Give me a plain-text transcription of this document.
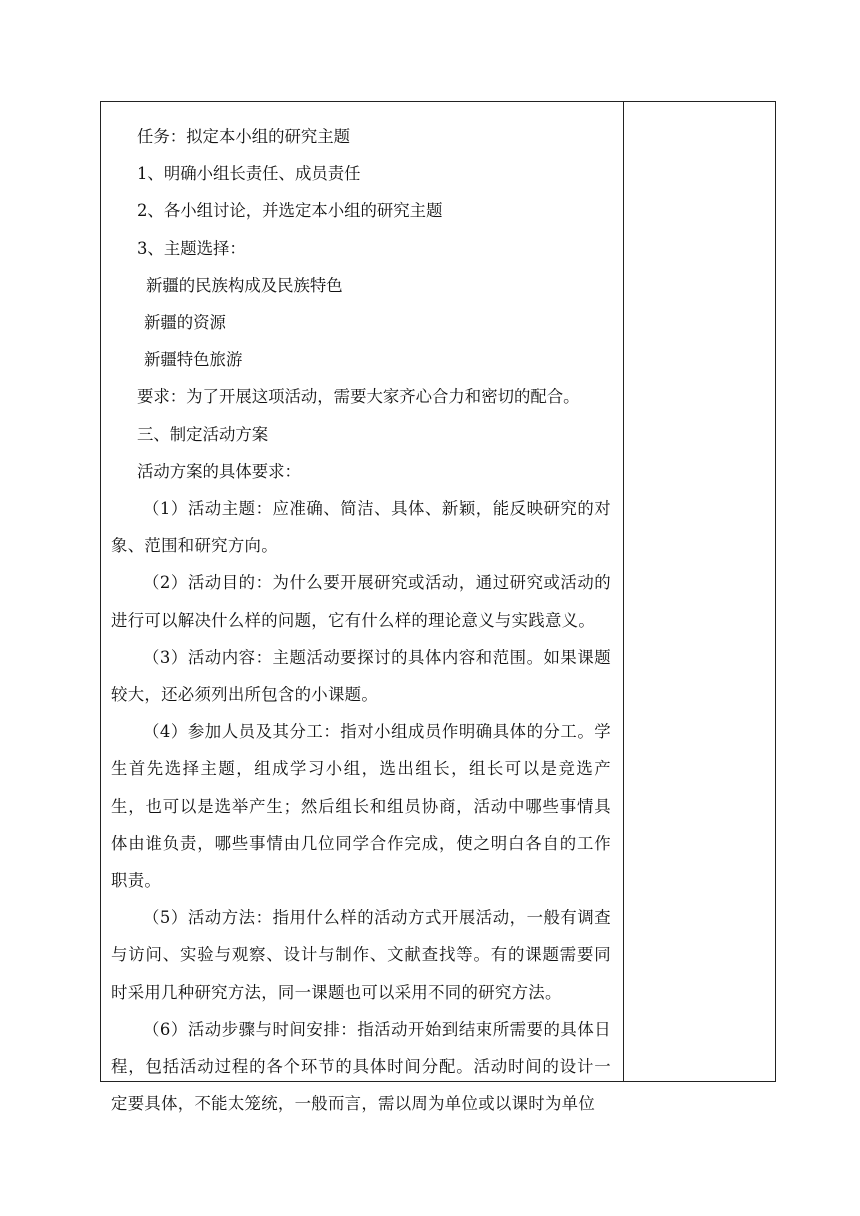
任务：拟定本小组的研究主题

1、明确小组长责任、成员责任

2、各小组讨论，并选定本小组的研究主题

3、主题选择：

新疆的民族构成及民族特色

新疆的资源

新疆特色旅游

要求：为了开展这项活动，需要大家齐心合力和密切的配合。

三、制定活动方案

活动方案的具体要求：

（1）活动主题：应准确、简洁、具体、新颖，能反映研究的对象、范围和研究方向。

（2）活动目的：为什么要开展研究或活动，通过研究或活动的进行可以解决什么样的问题，它有什么样的理论意义与实践意义。

（3）活动内容：主题活动要探讨的具体内容和范围。如果课题较大，还必须列出所包含的小课题。

（4）参加人员及其分工：指对小组成员作明确具体的分工。学生首先选择主题，组成学习小组，选出组长，组长可以是竞选产生，也可以是选举产生；然后组长和组员协商，活动中哪些事情具体由谁负责，哪些事情由几位同学合作完成，使之明白各自的工作职责。

（5）活动方法：指用什么样的活动方式开展活动，一般有调查与访问、实验与观察、设计与制作、文献查找等。有的课题需要同时采用几种研究方法，同一课题也可以采用不同的研究方法。

（6）活动步骤与时间安排：指活动开始到结束所需要的具体日程，包括活动过程的各个环节的具体时间分配。活动时间的设计一定要具体，不能太笼统，一般而言，需以周为单位或以课时为单位
